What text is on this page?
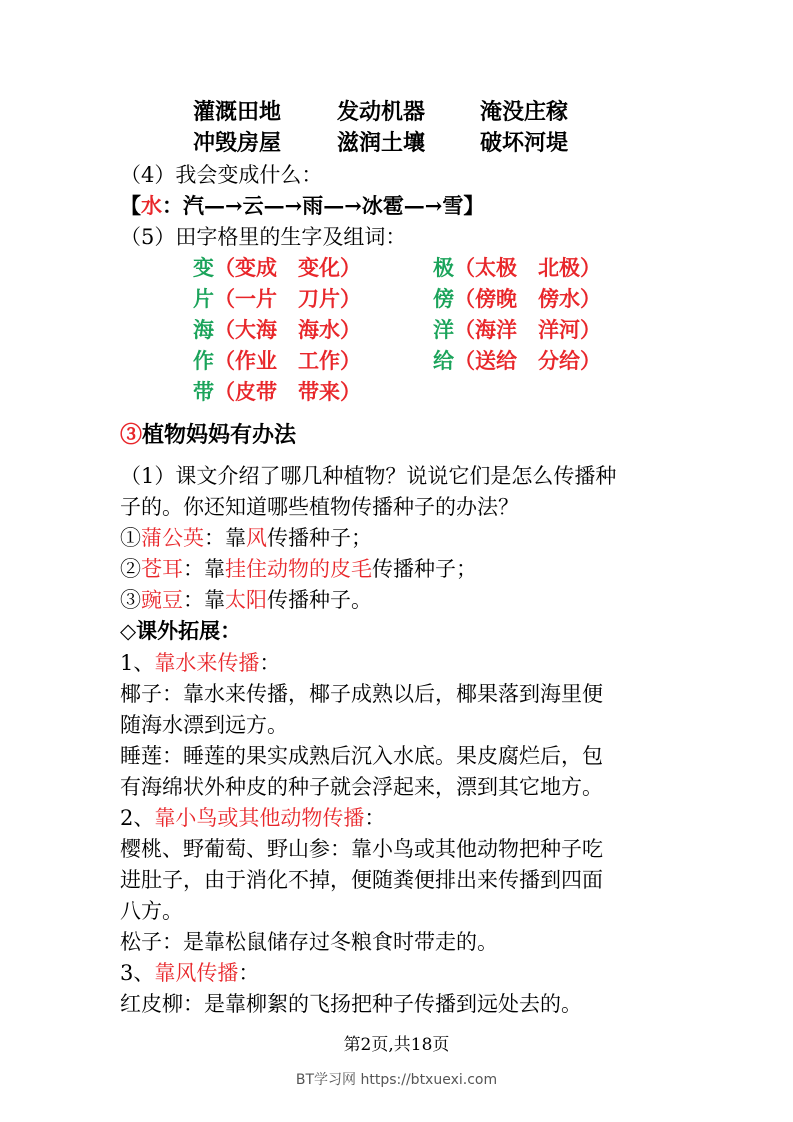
灌溉田地	发动机器 淹没庄稼
冲毁房屋	滋润土壤 破坏河堤
（4）我会变成什么：
【水：汽—→云—→雨—→冰雹—→雪】
（5）田字格里的生字及组词：
变（变成　变化）	极（太极　北极）
片（一片　刀片）	傍（傍晚　傍水）
海（大海　海水）	洋（海洋　洋河）
作（作业　工作）	给（送给　分给）
带（皮带　带来）
③植物妈妈有办法
（1）课文介绍了哪几种植物？说说它们是怎么传播种
子的。你还知道哪些植物传播种子的办法？
①蒲公英：靠风传播种子；
②苍耳：靠挂住动物的皮毛传播种子；
③豌豆：靠太阳传播种子。
◇课外拓展：
1、靠水来传播：
椰子：靠水来传播，椰子成熟以后，椰果落到海里便
随海水漂到远方。
睡莲：睡莲的果实成熟后沉入水底。果皮腐烂后，包
有海绵状外种皮的种子就会浮起来，漂到其它地方。
2、靠小鸟或其他动物传播：
樱桃、野葡萄、野山参：靠小鸟或其他动物把种子吃
进肚子，由于消化不掉，便随粪便排出来传播到四面
八方。
松子：是靠松鼠储存过冬粮食时带走的。
3、靠风传播：
红皮柳：是靠柳絮的飞扬把种子传播到远处去的。
第2页,共18页
BT学习网 https://btxuexi.com
